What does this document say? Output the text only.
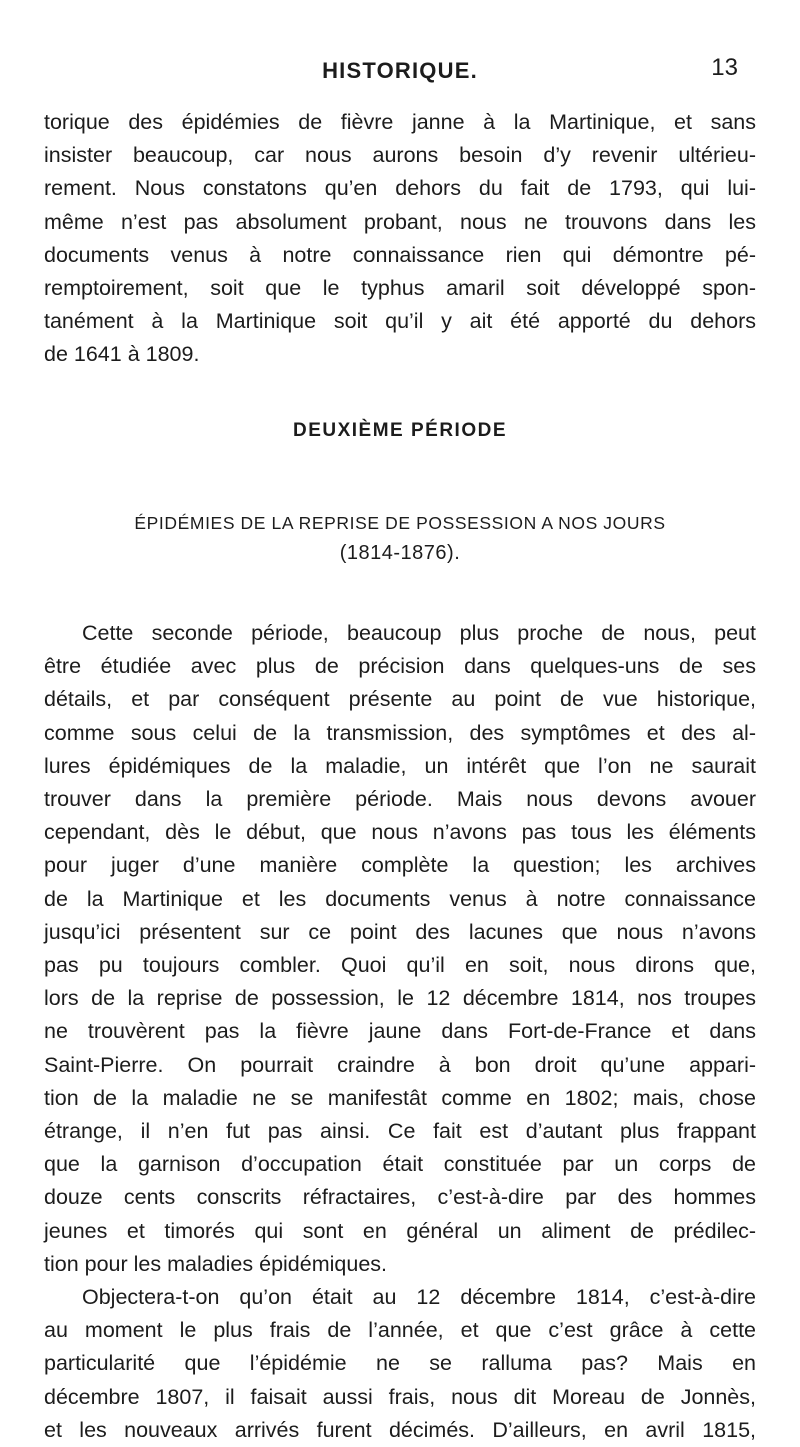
HISTORIQUE.	13
torique des épidémies de fièvre janne à la Martinique, et sans
insister beaucoup, car nous aurons besoin d’y revenir ultérieu-
rement. Nous constatons qu’en dehors du fait de 1793, qui lui-
même n’est pas absolument probant, nous ne trouvons dans les
documents venus à notre connaissance rien qui démontre pé-
remptoirement, soit que le typhus amaril soit développé spon-
tanément à la Martinique soit qu’il y ait été apporté du dehors
de 1641 à 1809.
DEUXIÈME PÉRIODE
ÉPIDÉMIES DE LA REPRISE DE POSSESSION A NOS JOURS
(1814-1876).
Cette seconde période, beaucoup plus proche de nous, peut
être étudiée avec plus de précision dans quelques-uns de ses
détails, et par conséquent présente au point de vue historique,
comme sous celui de la transmission, des symptômes et des al-
lures épidémiques de la maladie, un intérêt que l’on ne saurait
trouver dans la première période. Mais nous devons avouer
cependant, dès le début, que nous n’avons pas tous les éléments
pour juger d’une manière complète la question; les archives
de la Martinique et les documents venus à notre connaissance
jusqu’ici présentent sur ce point des lacunes que nous n’avons
pas pu toujours combler. Quoi qu’il en soit, nous dirons que,
lors de la reprise de possession, le 12 décembre 1814, nos troupes
ne trouvèrent pas la fièvre jaune dans Fort-de-France et dans
Saint-Pierre. On pourrait craindre à bon droit qu’une appari-
tion de la maladie ne se manifestât comme en 1802; mais, chose
étrange, il n’en fut pas ainsi. Ce fait est d’autant plus frappant
que la garnison d’occupation était constituée par un corps de
douze cents conscrits réfractaires, c’est-à-dire par des hommes
jeunes et timorés qui sont en général un aliment de prédilec-
tion pour les maladies épidémiques.
Objectera-t-on qu’on était au 12 décembre 1814, c’est-à-dire
au moment le plus frais de l’année, et que c’est grâce à cette
particularité que l’épidémie ne se ralluma pas? Mais en
décembre 1807, il faisait aussi frais, nous dit Moreau de Jonnès,
et les nouveaux arrivés furent décimés. D’ailleurs, en avril 1815,
